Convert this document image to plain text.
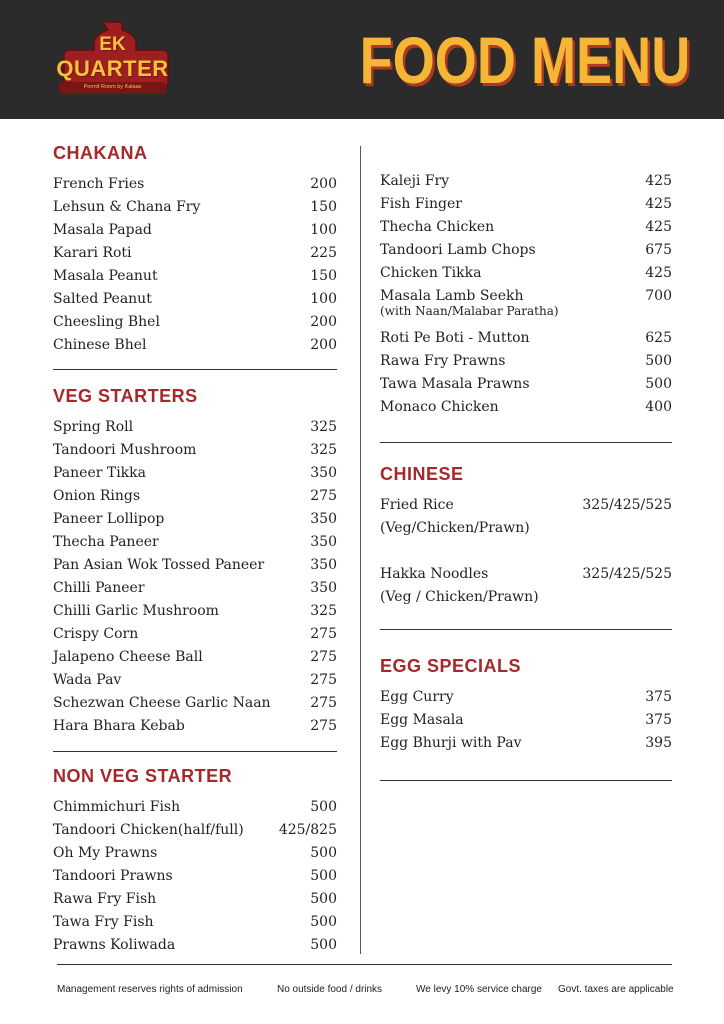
EK
QUARTER
Permit Room by Kalaas	FOOD MENU
CHAKANA
French Fries	200
Lehsun & Chana Fry	150
Masala Papad	100
Karari Roti	225
Masala Peanut	150
Salted Peanut	100
Cheesling Bhel	200
Chinese Bhel	200
VEG STARTERS
Spring Roll	325
Tandoori Mushroom	325
Paneer Tikka	350
Onion Rings	275
Paneer Lollipop	350
Thecha Paneer	350
Pan Asian Wok Tossed Paneer	350
Chilli Paneer	350
Chilli Garlic Mushroom	325
Crispy Corn	275
Jalapeno Cheese Ball	275
Wada Pav	275
Schezwan Cheese Garlic Naan	275
Hara Bhara Kebab	275
NON VEG STARTER
Chimmichuri Fish	500
Tandoori Chicken(half/full)	425/825
Oh My Prawns	500
Tandoori Prawns	500
Rawa Fry Fish	500
Tawa Fry Fish	500
Prawns Koliwada	500
Kaleji Fry	425
Fish Finger	425
Thecha Chicken	425
Tandoori Lamb Chops	675
Chicken Tikka	425
Masala Lamb Seekh	700
(with Naan/Malabar Paratha)
Roti Pe Boti - Mutton	625
Rawa Fry Prawns	500
Tawa Masala Prawns	500
Monaco Chicken	400
CHINESE
Fried Rice	325/425/525
(Veg/Chicken/Prawn)
Hakka Noodles	325/425/525
(Veg / Chicken/Prawn)
EGG SPECIALS
Egg Curry	375
Egg Masala	375
Egg Bhurji with Pav	395
Management reserves rights of admission	No outside food / drinks	We levy 10% service charge Govt. taxes are applicable
